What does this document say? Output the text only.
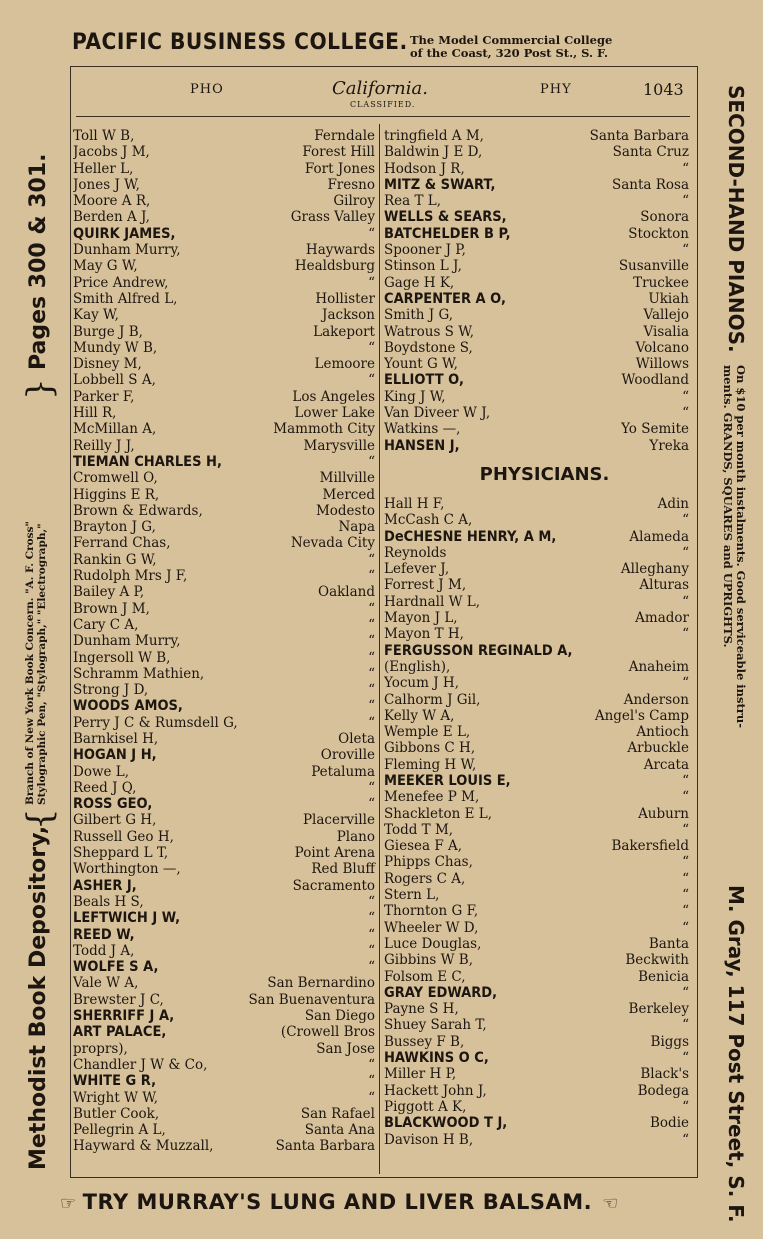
PACIFIC BUSINESS COLLEGE. The Model Commercial College
of the Coast, 320 Post St., S. F.
Methodist Book Depository,
{
Branch of New York Book Concern. "A. F. Cross" Stylographic Pen, "Stylograph," "Electrograph,"
}
Pages 300 & 301.	SECOND-HAND PIANOS.
On $10 per month instalments. Good serviceable instru-
ments. GRANDS, SQUARES and UPRIGHTS.
M. Gray, 117 Post Street, S. F.
PHO	California.
CLASSIFIED.
PHY	1043
Toll W B,	Ferndale
Jacobs J M,	Forest Hill
Heller L,	Fort Jones
Jones J W,	Fresno
Moore A R,	Gilroy
Berden A J,	Grass Valley
QUIRK JAMES,	“
Dunham Murry,	Haywards
May G W,	Healdsburg
Price Andrew,	“
Smith Alfred L,	Hollister
Kay W,	Jackson
Burge J B,	Lakeport
Mundy W B,	“
Disney M,	Lemoore
Lobbell S A,	“
Parker F,	Los Angeles
Hill R,	Lower Lake
McMillan A,	Mammoth City
Reilly J J,	Marysville
TIEMAN CHARLES H,	“
Cromwell O,	Millville
Higgins E R,	Merced
Brown & Edwards,	Modesto
Brayton J G,	Napa
Ferrand Chas,	Nevada City
Rankin G W,	“
Rudolph Mrs J F,	“
Bailey A P,	Oakland
Brown J M,	“
Cary C A,	“
Dunham Murry,	“
Ingersoll W B,	“
Schramm Mathien,	“
Strong J D,	“
WOODS AMOS,	“
Perry J C & Rumsdell G,	“
Barnkisel H,	Oleta
HOGAN J H,	Oroville
Dowe L,	Petaluma
Reed J Q,	“
ROSS GEO,	“
Gilbert G H,	Placerville
Russell Geo H,	Plano
Sheppard L T,	Point Arena
Worthington —,	Red Bluff
ASHER J,	Sacramento
Beals H S,	“
LEFTWICH J W,	“
REED W,	“
Todd J A,	“
WOLFE S A,	“
Vale W A,	San Bernardino
Brewster J C,	San Buenaventura
SHERRIFF J A,	San Diego
ART PALACE,	(Crowell Bros
proprs),	San Jose
Chandler J W & Co,	“
WHITE G R,	“
Wright W W,	“
Butler Cook,	San Rafael
Pellegrin A L,	Santa Ana
Hayward & Muzzall,	Santa Barbara
tringfield A M,	Santa Barbara
Baldwin J E D,	Santa Cruz
Hodson J R,	“
MITZ & SWART,	Santa Rosa
Rea T L,	“
WELLS & SEARS,	Sonora
BATCHELDER B P,	Stockton
Spooner J P,	“
Stinson L J,	Susanville
Gage H K,	Truckee
CARPENTER A O,	Ukiah
Smith J G,	Vallejo
Watrous S W,	Visalia
Boydstone S,	Volcano
Yount G W,	Willows
ELLIOTT O,	Woodland
King J W,	“
Van Diveer W J,	“
Watkins —,	Yo Semite
HANSEN J,	Yreka
PHYSICIANS.
Hall H F,	Adin
McCash C A,	“
DeCHESNE HENRY, A M,	Alameda
Reynolds	“
Lefever J,	Alleghany
Forrest J M,	Alturas
Hardnall W L,	“
Mayon J L,	Amador
Mayon T H,	“
FERGUSSON REGINALD A,
(English),	Anaheim
Yocum J H,	“
Calhorm J Gil,	Anderson
Kelly W A,	Angel's Camp
Wemple E L,	Antioch
Gibbons C H,	Arbuckle
Fleming H W,	Arcata
MEEKER LOUIS E,	“
Menefee P M,	“
Shackleton E L,	Auburn
Todd T M,	“
Giesea F A,	Bakersfield
Phipps Chas,	“
Rogers C A,	“
Stern L,	“
Thornton G F,	“
Wheeler W D,	“
Luce Douglas,	Banta
Gibbins W B,	Beckwith
Folsom E C,	Benicia
GRAY EDWARD,	“
Payne S H,	Berkeley
Shuey Sarah T,	“
Bussey F B,	Biggs
HAWKINS O C,	“
Miller H P,	Black's
Hackett John J,	Bodega
Piggott A K,	“
BLACKWOOD T J,	Bodie
Davison H B,	“
☞ TRY MURRAY'S LUNG AND LIVER BALSAM. ☜
